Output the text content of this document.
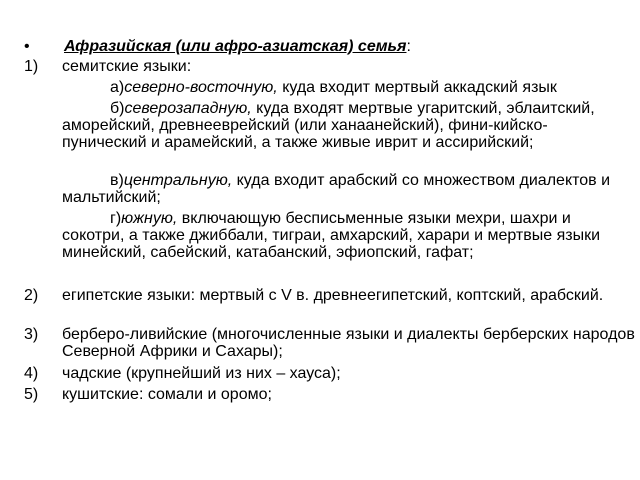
• Афразийская (или афро-азиатская) семья:
1) семитские языки:
а)северно-восточную, куда входит мертвый аккадский язык
б)северозападную, куда входят мертвые угаритский, эблаитский, аморейский, древнееврейский (или ханаанейский), фини-кийско-пунический и арамейский, а также живые иврит и ассирийский;
в)центральную, куда входит арабский со множеством диалектов и мальтийский;
г)южную, включающую бесписьменные языки мехри, шахри и сокотри, а также джиббали, тиграи, амхарский, харари и мертвые языки минейский, сабейский, катабанский, эфиопский, гафат;
2) египетские языки: мертвый с V в. древнеегипетский, коптский, арабский.
3) берберо-ливийские (многочисленные языки и диалекты берберских народов Северной Африки и Сахары);
4) чадские (крупнейший из них – хауса);
5) кушитские: сомали и оромо;
